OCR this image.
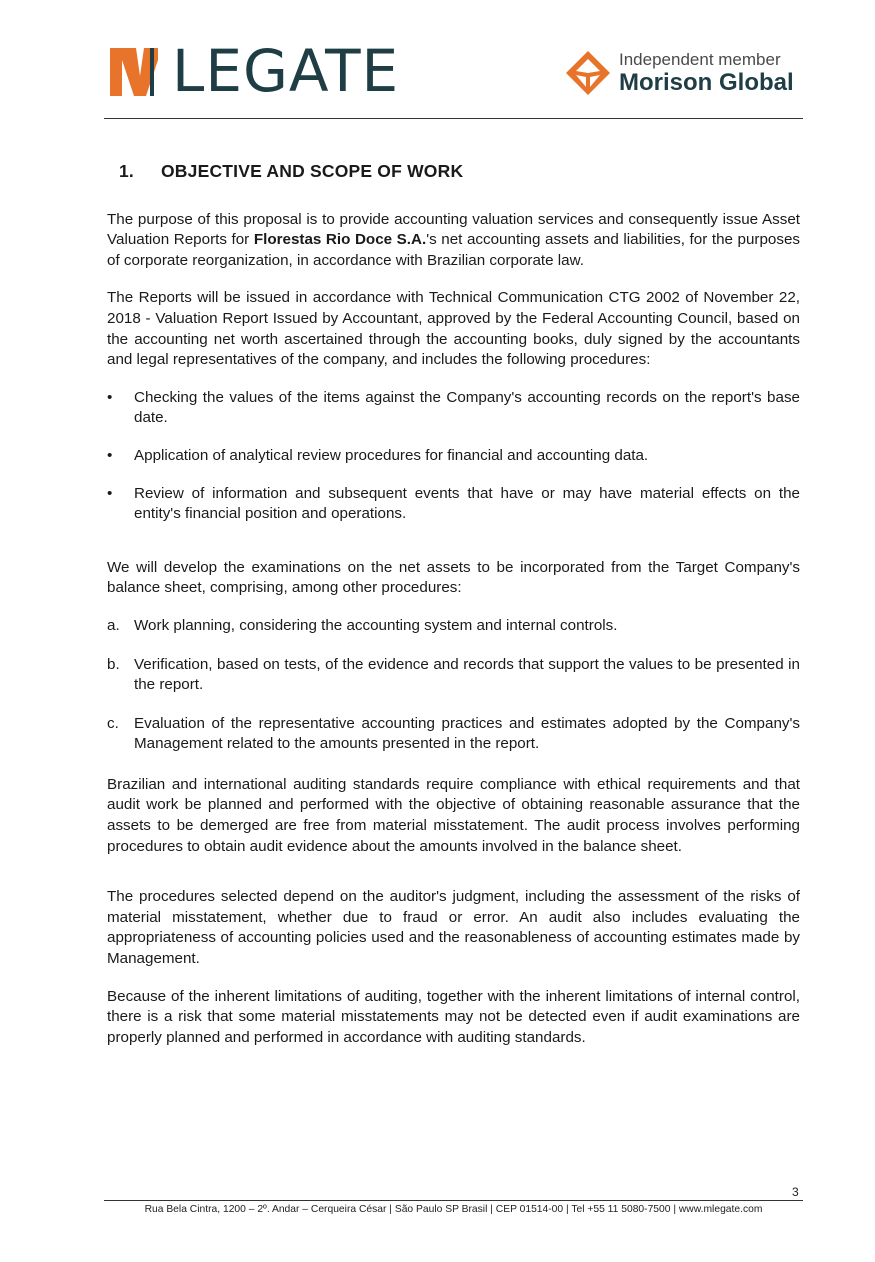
LEGATE	Independent member
Morison Global
1.	OBJECTIVE AND SCOPE OF WORK

The purpose of this proposal is to provide accounting valuation services and consequently issue Asset Valuation Reports for Florestas Rio Doce S.A.'s net accounting assets and liabilities, for the purposes of corporate reorganization, in accordance with Brazilian corporate law.

The Reports will be issued in accordance with Technical Communication CTG 2002 of November 22, 2018 - Valuation Report Issued by Accountant, approved by the Federal Accounting Council, based on the accounting net worth ascertained through the accounting books, duly signed by the accountants and legal representatives of the company, and includes the following procedures:

•	Checking the values of the items against the Company's accounting records on the report's base date.
•	Application of analytical review procedures for financial and accounting data.
•	Review of information and subsequent events that have or may have material effects on the entity's financial position and operations.

We will develop the examinations on the net assets to be incorporated from the Target Company's balance sheet, comprising, among other procedures:

a. Work planning, considering the accounting system and internal controls.
b. Verification, based on tests, of the evidence and records that support the values to be presented in the report.
c. Evaluation of the representative accounting practices and estimates adopted by the Company's Management related to the amounts presented in the report.

Brazilian and international auditing standards require compliance with ethical requirements and that audit work be planned and performed with the objective of obtaining reasonable assurance that the assets to be demerged are free from material misstatement. The audit process involves performing procedures to obtain audit evidence about the amounts involved in the balance sheet.

The procedures selected depend on the auditor's judgment, including the assessment of the risks of material misstatement, whether due to fraud or error. An audit also includes evaluating the appropriateness of accounting policies used and the reasonableness of accounting estimates made by Management.

Because of the inherent limitations of auditing, together with the inherent limitations of internal control, there is a risk that some material misstatements may not be detected even if audit examinations are properly planned and performed in accordance with auditing standards.

3
Rua Bela Cintra, 1200 – 2º. Andar – Cerqueira César | São Paulo SP Brasil | CEP 01514-00 | Tel +55 11 5080-7500 | www.mlegate.com
